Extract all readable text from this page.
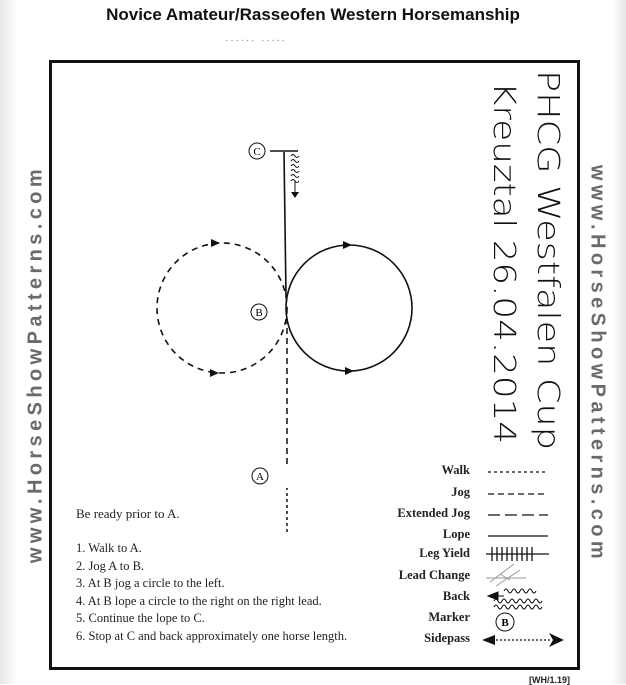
Novice Amateur/Rasseofen Western Horsemanship
▪ ▪ ▪ ▪ ▪ ▪   ▪ ▪ ▪ ▪ ▪
www.HorseShowPatterns.com	www.HorseShowPatterns.com
C
B
A
PHCG Westfalen Cup
Kreuztal 26.04.2014
B
Be ready prior to A.
1. Walk to A.
2. Jog A to B.
3. At B jog a circle to the left.
4. At B lope a circle to the right on the right lead.
5. Continue the lope to C.
6. Stop at C and back approximately one horse length.
Walk
Jog
Extended Jog
Lope
Leg Yield
Lead Change
Back
Marker
Sidepass
[WH/1.19]
